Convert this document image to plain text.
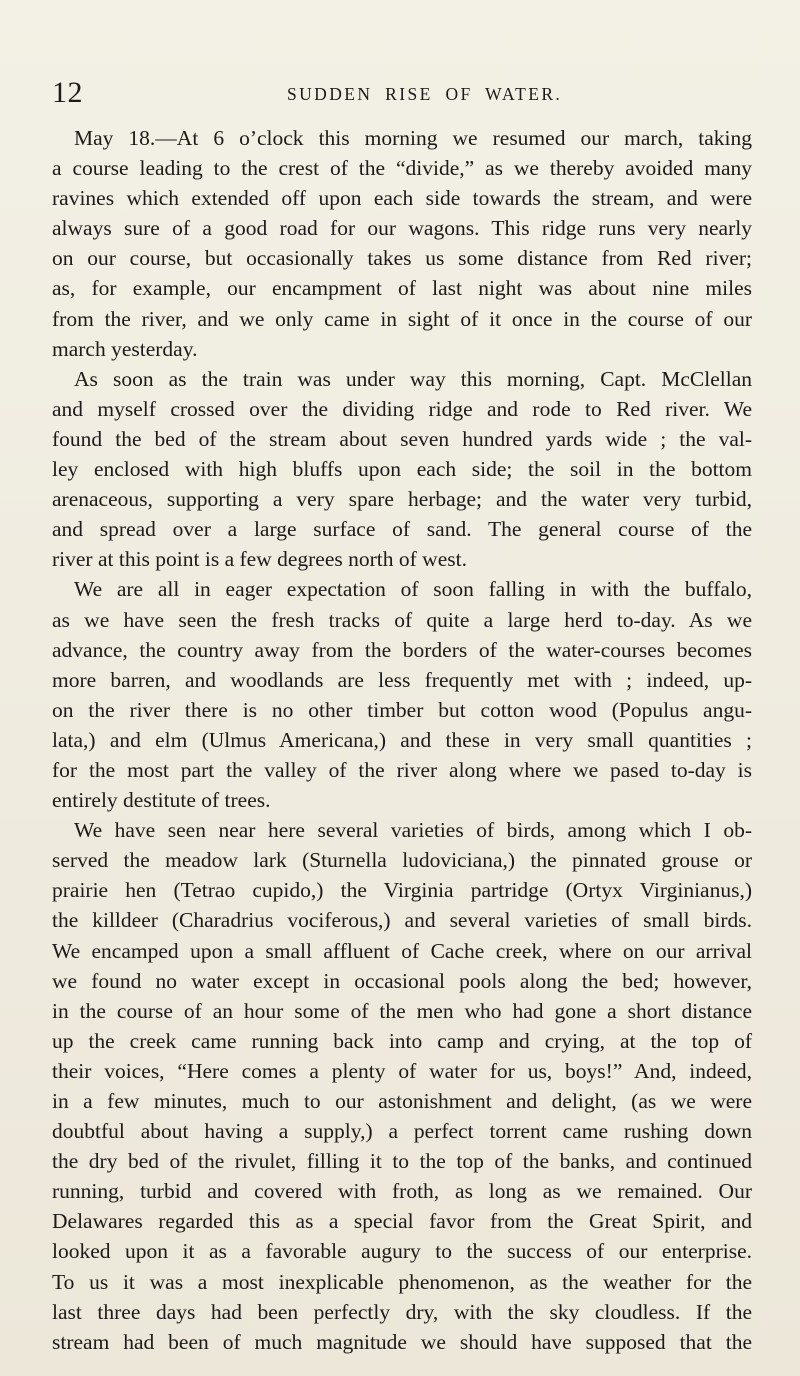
12	SUDDEN RISE OF WATER.
May 18.—At 6 o’clock this morning we resumed our march, taking
a course leading to the crest of the “divide,” as we thereby avoided many
ravines which extended off upon each side towards the stream, and were
always sure of a good road for our wagons. This ridge runs very nearly
on our course, but occasionally takes us some distance from Red river;
as, for example, our encampment of last night was about nine miles
from the river, and we only came in sight of it once in the course of our
march yesterday.
As soon as the train was under way this morning, Capt. McClellan
and myself crossed over the dividing ridge and rode to Red river. We
found the bed of the stream about seven hundred yards wide ; the val-
ley enclosed with high bluffs upon each side; the soil in the bottom
arenaceous, supporting a very spare herbage; and the water very turbid,
and spread over a large surface of sand. The general course of the
river at this point is a few degrees north of west.
We are all in eager expectation of soon falling in with the buffalo,
as we have seen the fresh tracks of quite a large herd to-day. As we
advance, the country away from the borders of the water-courses becomes
more barren, and woodlands are less frequently met with ; indeed, up-
on the river there is no other timber but cotton wood (Populus angu-
lata,) and elm (Ulmus Americana,) and these in very small quantities ;
for the most part the valley of the river along where we pased to-day is
entirely destitute of trees.
We have seen near here several varieties of birds, among which I ob-
served the meadow lark (Sturnella ludoviciana,) the pinnated grouse or
prairie hen (Tetrao cupido,) the Virginia partridge (Ortyx Virginianus,)
the killdeer (Charadrius vociferous,) and several varieties of small birds.
We encamped upon a small affluent of Cache creek, where on our arrival
we found no water except in occasional pools along the bed; however,
in the course of an hour some of the men who had gone a short distance
up the creek came running back into camp and crying, at the top of
their voices, “Here comes a plenty of water for us, boys!” And, indeed,
in a few minutes, much to our astonishment and delight, (as we were
doubtful about having a supply,) a perfect torrent came rushing down
the dry bed of the rivulet, filling it to the top of the banks, and continued
running, turbid and covered with froth, as long as we remained. Our
Delawares regarded this as a special favor from the Great Spirit, and
looked upon it as a favorable augury to the success of our enterprise.
To us it was a most inexplicable phenomenon, as the weather for the
last three days had been perfectly dry, with the sky cloudless. If the
stream had been of much magnitude we should have supposed that the
